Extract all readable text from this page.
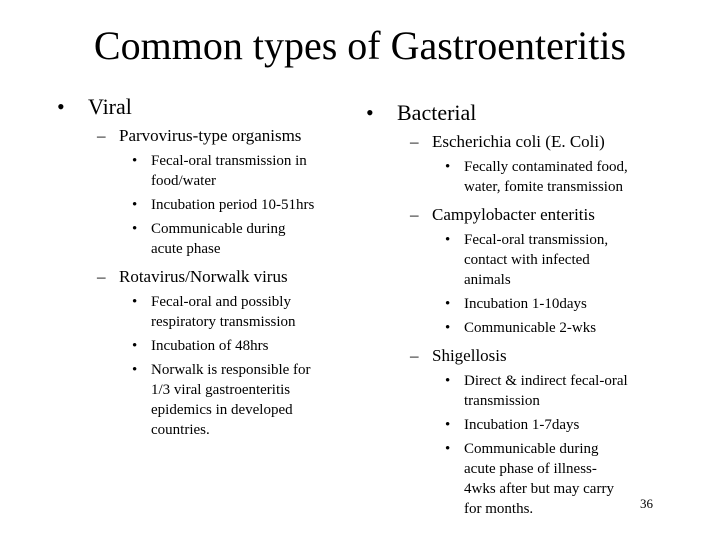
Common types of Gastroenteritis
• Viral
– Parvovirus-type organisms
• Fecal-oral transmission in
food/water
• Incubation period 10-51hrs
• Communicable during
acute phase
– Rotavirus/Norwalk virus
• Fecal-oral and possibly
respiratory transmission
• Incubation of 48hrs
• Norwalk is responsible for
1/3 viral gastroenteritis
epidemics in developed
countries.
• Bacterial
– Escherichia coli (E. Coli)
• Fecally contaminated food,
water, fomite transmission
– Campylobacter enteritis
• Fecal-oral transmission,
contact with infected
animals
• Incubation 1-10days
• Communicable 2-wks
– Shigellosis
• Direct & indirect fecal-oral
transmission
• Incubation 1-7days
• Communicable during
acute phase of illness-
4wks after but may carry
for months.	36
